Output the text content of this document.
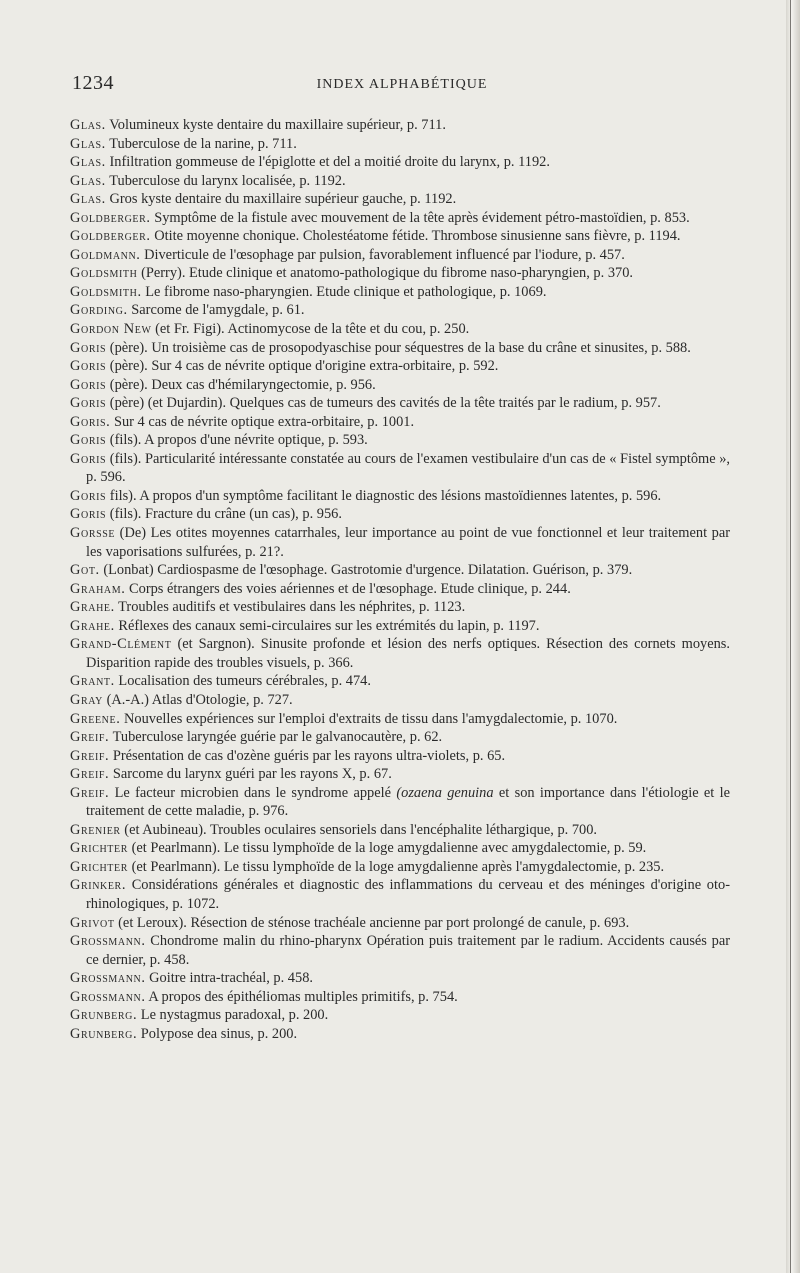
1234	INDEX ALPHABÉTIQUE

Glas. Volumineux kyste dentaire du maxillaire supérieur, p. 711.

Glas. Tuberculose de la narine, p. 711.

Glas. Infiltration gommeuse de l'épiglotte et del a moitié droite du larynx, p. 1192.

Glas. Tuberculose du larynx localisée, p. 1192.

Glas. Gros kyste dentaire du maxillaire supérieur gauche, p. 1192.

Goldberger. Symptôme de la fistule avec mouvement de la tête après évidement pétro-mastoïdien, p. 853.

Goldberger. Otite moyenne chonique. Cholestéatome fétide. Thrombose sinusienne sans fièvre, p. 1194.

Goldmann. Diverticule de l'œsophage par pulsion, favorablement influencé par l'iodure, p. 457.

Goldsmith (Perry). Etude clinique et anatomo-pathologique du fibrome naso-pharyngien, p. 370.

Goldsmith. Le fibrome naso-pharyngien. Etude clinique et pathologique, p. 1069.

Gording. Sarcome de l'amygdale, p. 61.

Gordon New (et Fr. Figi). Actinomycose de la tête et du cou, p. 250.

Goris (père). Un troisième cas de prosopodyaschise pour séquestres de la base du crâne et sinusites, p. 588.

Goris (père). Sur 4 cas de névrite optique d'origine extra-orbitaire, p. 592.

Goris (père). Deux cas d'hémilaryngectomie, p. 956.

Goris (père) (et Dujardin). Quelques cas de tumeurs des cavités de la tête traités par le radium, p. 957.

Goris. Sur 4 cas de névrite optique extra-orbitaire, p. 1001.

Goris (fils). A propos d'une névrite optique, p. 593.

Goris (fils). Particularité intéressante constatée au cours de l'examen vestibulaire d'un cas de « Fistel symptôme », p. 596.

Goris fils). A propos d'un symptôme facilitant le diagnostic des lésions mastoïdiennes latentes, p. 596.

Goris (fils). Fracture du crâne (un cas), p. 956.

Gorsse (De) Les otites moyennes catarrhales, leur importance au point de vue fonctionnel et leur traitement par les vaporisations sulfurées, p. 21?.

Got. (Lonbat) Cardiospasme de l'œsophage. Gastrotomie d'urgence. Dilatation. Guérison, p. 379.

Graham. Corps étrangers des voies aériennes et de l'œsophage. Etude clinique, p. 244.

Grahe. Troubles auditifs et vestibulaires dans les néphrites, p. 1123.

Grahe. Réflexes des canaux semi-circulaires sur les extrémités du lapin, p. 1197.

Grand-Clément (et Sargnon). Sinusite profonde et lésion des nerfs optiques. Résection des cornets moyens. Disparition rapide des troubles visuels, p. 366.

Grant. Localisation des tumeurs cérébrales, p. 474.

Gray (A.-A.) Atlas d'Otologie, p. 727.

Greene. Nouvelles expériences sur l'emploi d'extraits de tissu dans l'amygdalectomie, p. 1070.

Greif. Tuberculose laryngée guérie par le galvanocautère, p. 62.

Greif. Présentation de cas d'ozène guéris par les rayons ultra-violets, p. 65.

Greif. Sarcome du larynx guéri par les rayons X, p. 67.

Greif. Le facteur microbien dans le syndrome appelé (ozaena genuina et son importance dans l'étiologie et le traitement de cette maladie, p. 976.

Grenier (et Aubineau). Troubles oculaires sensoriels dans l'encéphalite léthargique, p. 700.

Grichter (et Pearlmann). Le tissu lymphoïde de la loge amygdalienne avec amygdalectomie, p. 59.

Grichter (et Pearlmann). Le tissu lymphoïde de la loge amygdalienne après l'amygdalectomie, p. 235.

Grinker. Considérations générales et diagnostic des inflammations du cerveau et des méninges d'origine oto-rhinologiques, p. 1072.

Grivot (et Leroux). Résection de sténose trachéale ancienne par port prolongé de canule, p. 693.

Grossmann. Chondrome malin du rhino-pharynx Opération puis traitement par le radium. Accidents causés par ce dernier, p. 458.

Grossmann. Goitre intra-trachéal, p. 458.

Grossmann. A propos des épithéliomas multiples primitifs, p. 754.

Grunberg. Le nystagmus paradoxal, p. 200.

Grunberg. Polypose dea sinus, p. 200.
